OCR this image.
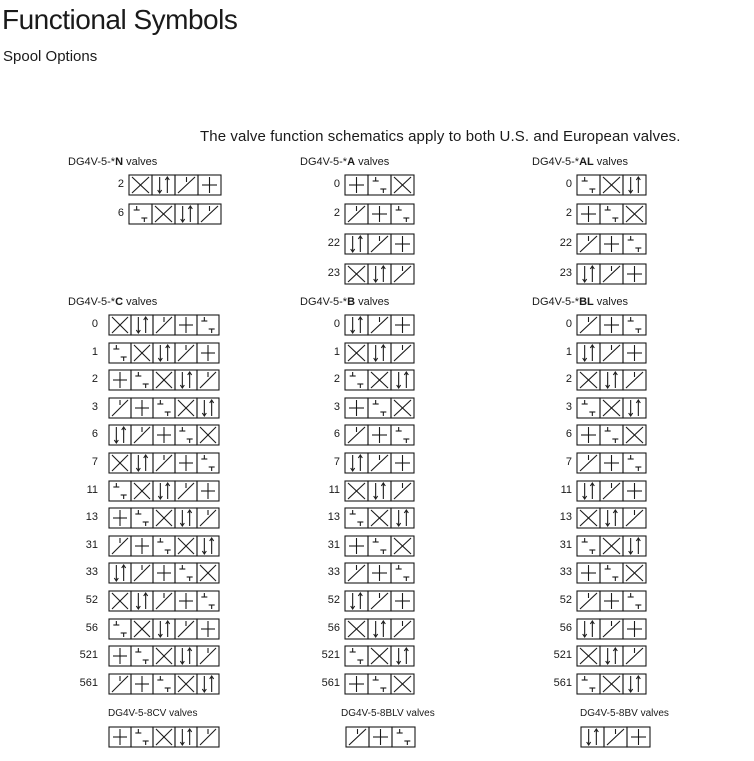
Functional Symbols
Spool Options
The valve function schematics apply to both U.S. and European valves.
DG4V-5-*N valves
2
6
DG4V-5-*A valves
0
2
22
23
DG4V-5-*AL valves
0
2
22
23
DG4V-5-*C valves
0
1
2
3
6
7
11
13
31
33
52
56
521
561
DG4V-5-*B valves
0
1
2
3
6
7
11
13
31
33
52
56
521
561
DG4V-5-*BL valves
0
1
2
3
6
7
11
13
31
33
52
56
521
561
DG4V-5-8CV valves	DG4V-5-8BLV valves	DG4V-5-8BV valves
